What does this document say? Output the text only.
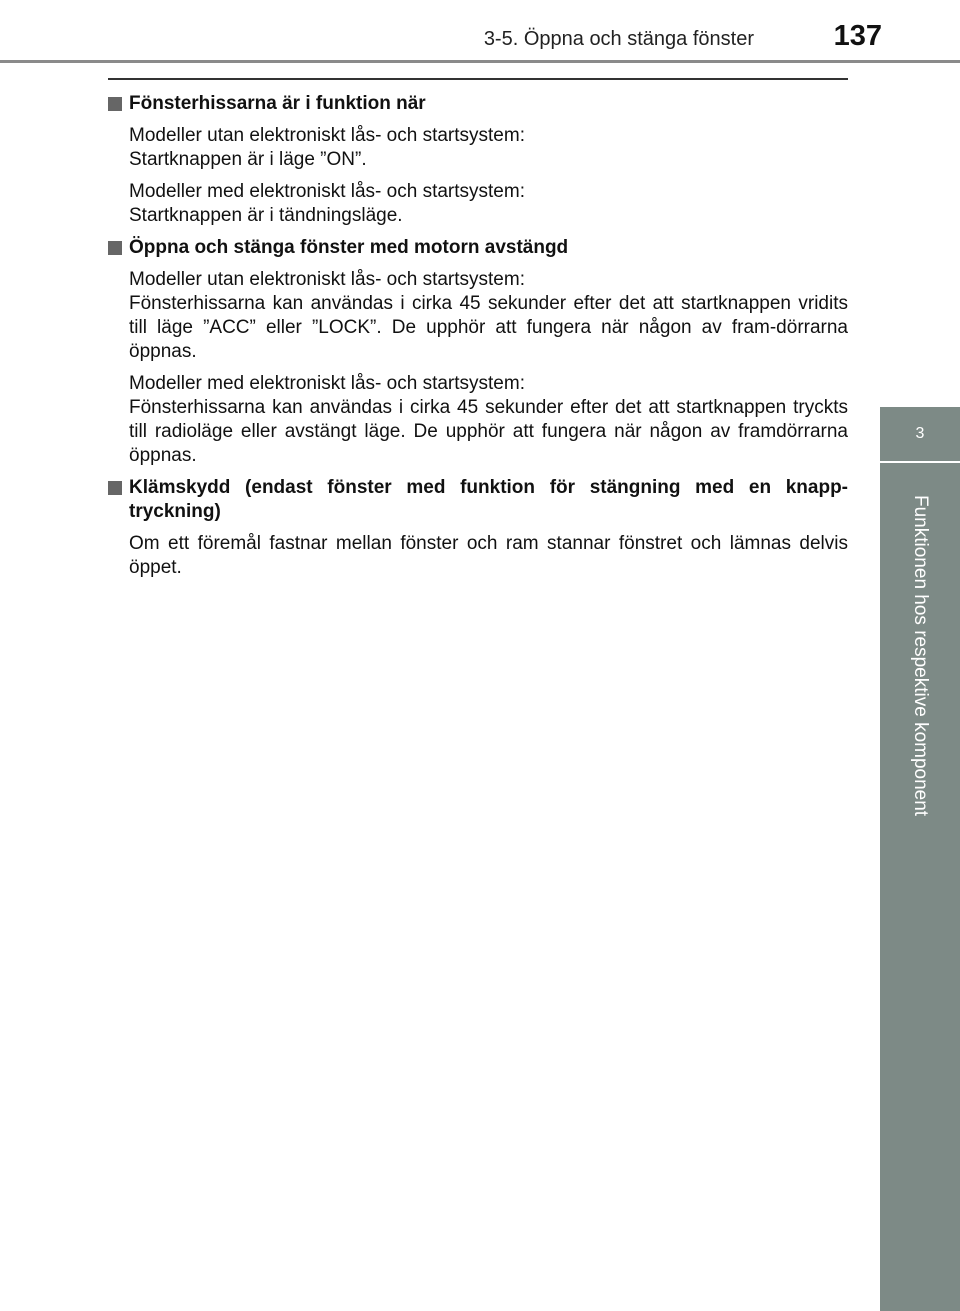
3-5. Öppna och stänga fönster	137
3
Funktionen hos respektive komponent
Fönsterhissarna är i funktion när

Modeller utan elektroniskt lås- och startsystem:
Startknappen är i läge ”ON”.

Modeller med elektroniskt lås- och startsystem:
Startknappen är i tändningsläge.

Öppna och stänga fönster med motorn avstängd

Modeller utan elektroniskt lås- och startsystem:
Fönsterhissarna kan användas i cirka 45 sekunder efter det att startknappen vridits till läge ”ACC” eller ”LOCK”. De upphör att fungera när någon av fram-dörrarna öppnas.

Modeller med elektroniskt lås- och startsystem:
Fönsterhissarna kan användas i cirka 45 sekunder efter det att startknappen tryckts till radioläge eller avstängt läge. De upphör att fungera när någon av framdörrarna öppnas.

Klämskydd (endast fönster med funktion för stängning med en knapp-tryckning)

Om ett föremål fastnar mellan fönster och ram stannar fönstret och lämnas delvis öppet.
